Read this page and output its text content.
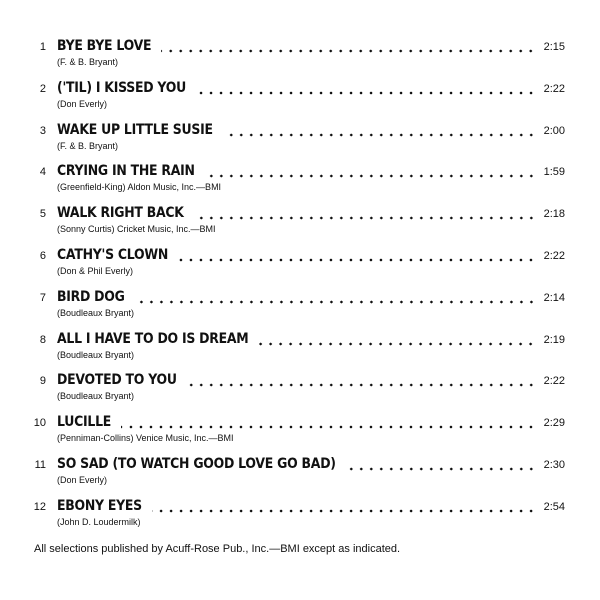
1 BYE BYE LOVE	2:15
(F. & B. Bryant)
2 ('TIL) I KISSED YOU	2:22
(Don Everly)
3 WAKE UP LITTLE SUSIE	2:00
(F. & B. Bryant)
4 CRYING IN THE RAIN	1:59
(Greenfield-King) Aldon Music, Inc.—BMI
5 WALK RIGHT BACK	2:18
(Sonny Curtis) Cricket Music, Inc.—BMI
6 CATHY'S CLOWN	2:22
(Don & Phil Everly)
7 BIRD DOG	2:14
(Boudleaux Bryant)
8 ALL I HAVE TO DO IS DREAM	2:19
(Boudleaux Bryant)
9 DEVOTED TO YOU	2:22
(Boudleaux Bryant)
10 LUCILLE	2:29
(Penniman-Collins) Venice Music, Inc.—BMI
11 SO SAD (TO WATCH GOOD LOVE GO BAD)	2:30
(Don Everly)
12 EBONY EYES	2:54
(John D. Loudermilk)
All selections published by Acuff-Rose Pub., Inc.—BMI except as indicated.
